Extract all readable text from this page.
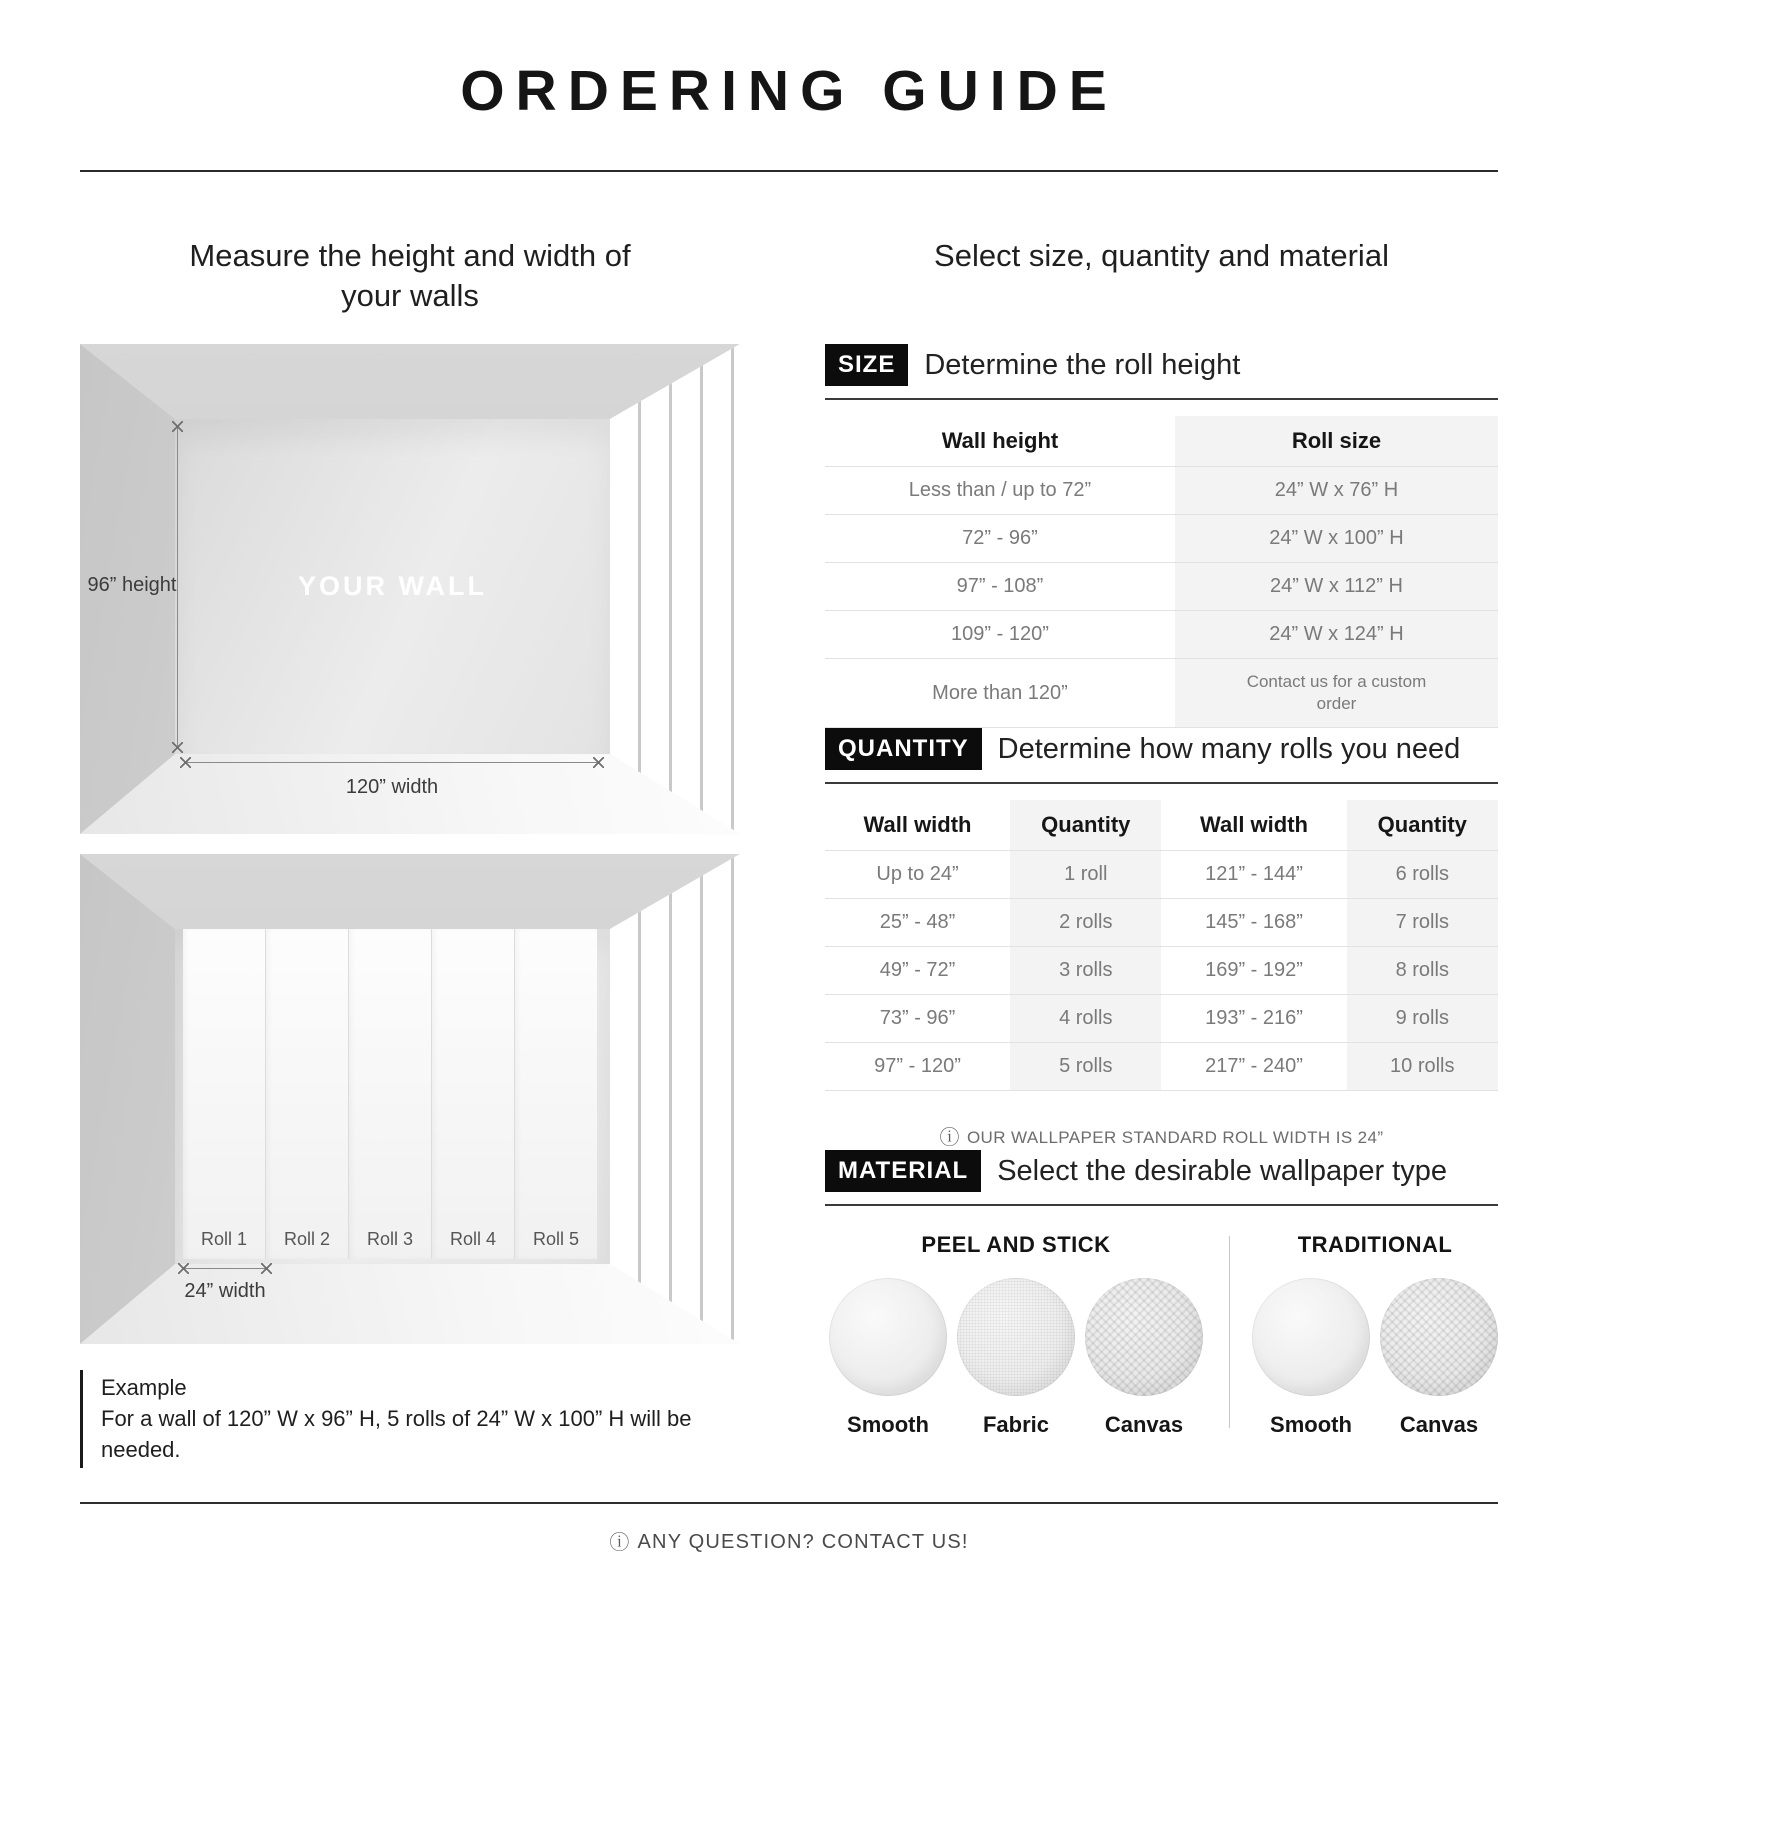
ORDERING GUIDE
Measure the height and width of your walls
YOUR WALL
96” height
120” width
Roll 1 Roll 2 Roll 3 Roll 4 Roll 5
24” width
Example
For a wall of 120” W x 96” H, 5 rolls of 24” W x 100” H will be needed.
Select size, quantity and material
SIZE	Determine the roll height
Wall height	Roll size
Less than / up to 72”	24” W x 76” H
72” - 96”	24” W x 100” H
97” - 108”	24” W x 112” H
109” - 120”	24” W x 124” H
More than 120”	Contact us for a custom order
QUANTITY	Determine how many rolls you need
Wall width	Quantity	Wall width	Quantity
Up to 24”	1 roll	121” - 144”	6 rolls
25” - 48”	2 rolls	145” - 168”	7 rolls
49” - 72”	3 rolls	169” - 192”	8 rolls
73” - 96”	4 rolls	193” - 216”	9 rolls
97” - 120”	5 rolls	217” - 240”	10 rolls
ⓘ OUR WALLPAPER STANDARD ROLL WIDTH IS 24”
MATERIAL	Select the desirable wallpaper type
PEEL AND STICK
Smooth	Fabric	Canvas
TRADITIONAL
Smooth	Canvas
ⓘ ANY QUESTION? CONTACT US!
